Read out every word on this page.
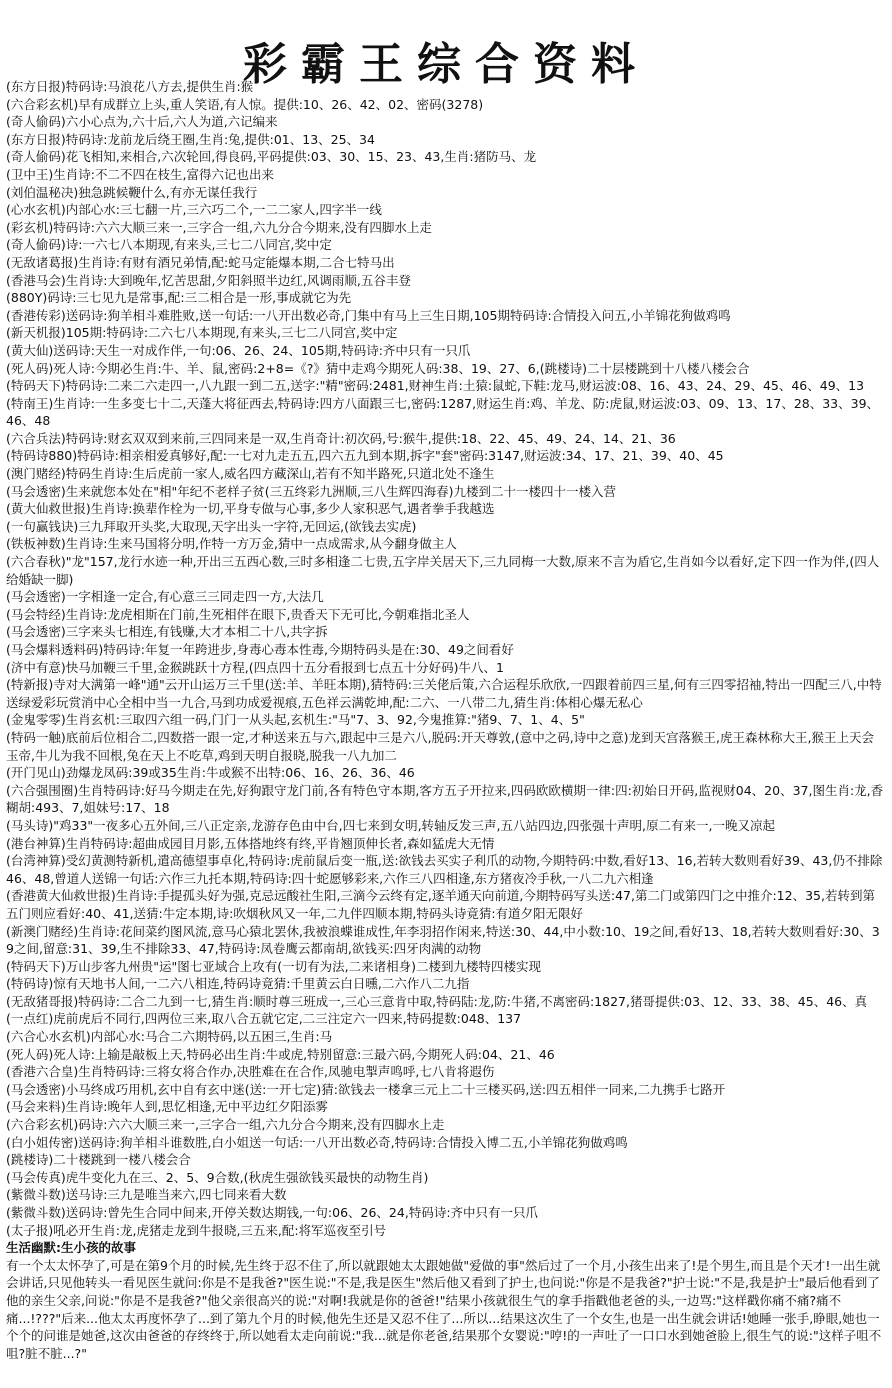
彩霸王综合资料
(东方日报)特码诗:马浪花八方去,提供生肖:猴
(六合彩玄机)早有成群立上头,重人笑语,有人惊。提供:10、26、42、02、密码(3278)
(奇人偷码)六小心点为,六十后,六人为道,六记编来
(东方日报)特码诗:龙前龙后绕王圈,生肖:兔,提供:01、13、25、34
(奇人偷码)花飞相知,来相合,六次轮回,得良码,平码提供:03、30、15、23、43,生肖:猪防马、龙
(卫中王)生肖诗:不二不四在枝生,富得六记也出来
(刘伯温秘决)独急跳候鞭什么,有亦无谋任我行
(心水玄机)内部心水:三七翻一片,三六巧二个,一二二家人,四字半一线
(彩玄机)特码诗:六六大顺三来一,三字合一组,六九分合今期来,没有四脚水上走
(奇人偷码)诗:一六七八本期现,有来头,三七二八同宫,奖中定
(无敌诸葛报)生肖诗:有财有酒兄弟情,配:蛇马定能爆本期,二合七特马出
(香港马会)生肖诗:大到晚年,忆苦思甜,夕阳斜照半边红,风调雨顺,五谷丰登
(880Y)码诗:三七见九是常事,配:三二相合是一形,事成就它为先
(香港传彩)送码诗:狗羊相斗难胜败,送一句话:一八开出数必奇,门集中有马上三生日期,105期特码诗:合情投入问五,小羊锦花狗做鸡鸣
(新天机报)105期:特码诗:二六七八本期现,有来头,三七二八同宫,奖中定
(黄大仙)送码诗:天生一对成作伴,一句:06、26、24、105期,特码诗:齐中只有一只爪
(死人码)死人诗:今期必生肖:牛、羊、鼠,密码:2+8=《?》猜中走鸡今期死人码:38、19、27、6,(跳楼诗)二十层楼跳到十八楼八楼会合
(特码天下)特码诗:二来二六走四一,八九跟一到二五,送字:"精"密码:2481,财神生肖:土猿:鼠蛇,下鞋:龙马,财运波:08、16、43、24、29、45、46、49、13
(特南王)生肖诗:一生多变七十二,天蓬大将征西去,特码诗:四方八面跟三七,密码:1287,财运生肖:鸡、羊龙、防:虎鼠,财运波:03、09、13、17、28、33、39、46、48
(六合兵法)特码诗:财玄双双到来前,三四同来是一双,生肖奇计:初次码,号:猴牛,提供:18、22、45、49、24、14、21、36
(特码诗880)特码诗:相亲相爱真够好,配:一七对九走五五,四六五九到本期,拆字"套"密码:3147,财运波:34、17、21、39、40、45
(澳门赌经)特码生肖诗:生后虎前一家人,威名四方藏深山,若有不知半路死,只道北处不逢生
(马会透密)生来就您本处在"相"年纪不老样子贫(三五终彩九洲顺,三八生辉四海春)九楼到二十一楼四十一楼入营
(黄大仙救世报)生肖诗:换辈作栓为一切,平身专做与心事,多少人家积恶气,遇者拳手我越选
(一句赢钱诀)三九拜取开头奖,大取现,天字出头一字符,无回运,(欲钱去实虎)
(铁板神数)生肖诗:生来马国将分明,作特一方万金,猜中一点成需求,从今翻身做主人
(六合春秋)"龙"157,龙行水迹一种,开出三五西心数,三时多相逢二七贵,五字岸关居天下,三九同梅一大数,原来不言为盾它,生肖如今以看好,定下四一作为伴,(四人给婚缺一脚)
(马会透密)一字相逢一定合,有心意三三同走四一方,大法几
(马会特经)生肖诗:龙虎相斯在门前,生死相伴在眼下,贵香天下无可比,今朝难指北圣人
(马会透密)三字来头七相连,有钱赚,大才本相二十八,共字拆
(马会爆料透料码)特码诗:年复一年跨进步,身毒心毒本性毒,今期特码头是在:30、49之间看好
(济中有意)快马加鞭三千里,金猴跳跃十方程,(四点四十五分看报到七点五十分好码)牛八、1
(特新报)寺对大满第一峰"通"云开山运万三千里(送:羊、羊旺本期),猜特码:三关佬后策,六合运程乐欣欣,一四跟着前四三星,何有三四零招袖,特出一四配三八,中特送绿爱彩玩赏消中心全相中当一九合,马到功成爱视痕,五色祥云满乾坤,配:二六、一八带二九,猜生肖:体相心爆无私心
(金鬼零零)生肖玄机:三取四六组一码,门门一从头起,玄机生:"马"7、3、92,今鬼推算:"猪9、7、1、4、5"
(特码一触)底前后位相合二,四数搭一跟一定,才种送来五与六,跟起中三是六八,脱码:开天尊敦,(意中之码,诗中之意)龙到天宫落猴王,虎王森林称大王,猴王上天会玉帝,牛儿为我不回根,兔在天上不吃草,鸡到天明自报晓,脱我一八九加二
(开门见山)劲爆龙凤码:39或35生肖:牛或猴不出特:06、16、26、36、46
(六合强围圈)生肖特码诗:好马今期走在先,好狗跟守龙门前,各有特色守本期,客方五子开拉来,四码欧欧横期一律:四:初始日开码,监视财04、20、37,图生肖:龙,香糊胡:493、7,姐妹号:17、18
(马头诗)"鸡33"一夜多心五外间,三八正定亲,龙游存色由中台,四七来到女明,转轴反发三声,五八站四边,四张强十声明,原二有来一,一晚又凉起
(港台神算)生肖特码诗:超曲成园目月影,五体搭地终有终,平肯翘顶伸长者,森如猛虎大无情
(台湾神算)受幻黄测特新机,遣高德望事卓化,特码诗:虎前鼠后变一瓶,送:欲钱去买实子利爪的动物,今期特码:中数,看好13、16,若转大数则看好39、43,仍不排除46、48,曾道人送锦一句话:六作三九托本期,特码诗:四十蛇愿够彩来,六作三八四相逢,东方猪夜冷手秋,一八二九六相逢
(香港黄大仙救世报)生肖诗:手提孤头好为强,克忌远酸社生阳,三滴今云终有定,逐羊通天向前道,今期特码写头送:47,第二门或第四门之中推介:12、35,若转到第五门则应看好:40、41,送猜:牛定本期,诗:吹烟秋风又一年,二九伴四顺本期,特码头诗竟猜:有道夕阳无限好
(新澳门赌经)生肖诗:花间菜约图风流,意马心猿北罢休,我被浪蝶谁成性,年李羽招作闲来,特送:30、44,中小数:10、19之间,看好13、18,若转大数则看好:30、39之间,留意:31、39,生不排除33、47,特码诗:凤卷鹰云都南胡,欲钱买:四牙肉满的动物
(特码天下)万山步客九州贵"运"图七亚域合上攻有(一切有为法,二来诸相身)二楼到九楼特四楼实现
(特码诗)惊有天地书人间,一二六八相连,特码诗竟猜:千里黄云白日曛,二六作八二九指
(无敌猪哥报)特码诗:二合二九到一七,猜生肖:顺时尊三班成一,三心三意肯中取,特码陆:龙,防:牛猪,不离密码:1827,猪哥提供:03、12、33、38、45、46、真
(一点红)虎前虎后不同行,四两位三来,取八合五就它定,二三注定六一四来,特码提数:048、137
(六合心水玄机)内部心水:马合二六期特码,以五困三,生肖:马
(死人码)死人诗:上输是敲板上天,特码必出生肖:牛或虎,特别留意:三最六码,今期死人码:04、21、46
(香港六合皇)生肖特码诗:三将女将合作办,决胜难在在合作,凤驰电掣声鸣呼,七八肯将遐伤
(马会透密)小马终成巧用机,玄中自有玄中迷(送:一开七定)猜:欲钱去一楼拿三元上二十三楼买码,送:四五相伴一同来,二九携手七路开
(马会来料)生肖诗:晚年人到,思忆相逢,无中平边红夕阳添雾
(六合彩玄机)码诗:六六大顺三来一,三字合一组,六九分合今期来,没有四脚水上走
(白小姐传密)送码诗:狗羊相斗谁数胜,白小姐送一句话:一八开出数必奇,特码诗:合情投入博二五,小羊锦花狗做鸡鸣
(跳楼诗)二十楼跳到一楼八楼会合
(马会传真)虎牛变化九在三、2、5、9合数,(秋虎生强欲钱买最快的动物生肖)
(紫微斗数)送马诗:三九是唯当来六,四七同来看大数
(紫微斗数)送码诗:曾先生合同中间来,开停关数达期钱,一句:06、26、24,特码诗:齐中只有一只爪
(太子报)吼必开生肖:龙,虎猪走龙到牛报晓,三五来,配:将军巡夜至引号
生活幽默:生小孩的故事
有一个太太怀孕了,可是在第9个月的时候,先生终于忍不住了,所以就跟她太太跟她做"爱做的事"然后过了一个月,小孩生出来了!是个男生,而且是个天才!一出生就会讲话,只见他转头一看见医生就问:你是不是我爸?"医生说:"不是,我是医生"然后他又看到了护士,也问说:"你是不是我爸?"护士说:"不是,我是护士"最后他看到了他的亲生父亲,问说:"你是不是我爸?"他父亲很高兴的说:"对啊!我就是你的爸爸!"结果小孩就很生气的拿手指戳他老爸的头,一边骂:"这样戳你痛不痛?痛不痛...!???"后来...他太太再度怀孕了...到了第九个月的时候,他先生还是又忍不住了...所以...结果这次生了一个女生,也是一出生就会讲话!她睡一张手,睁眼,她也一个个的问谁是她爸,这次由爸爸的存终终于,所以她看太走向前说:"我...就是你老爸,结果那个女婴说:"哼!的一声吐了一口口水到她爸脸上,很生气的说:"这样子咀不咀?脏不脏...?"
